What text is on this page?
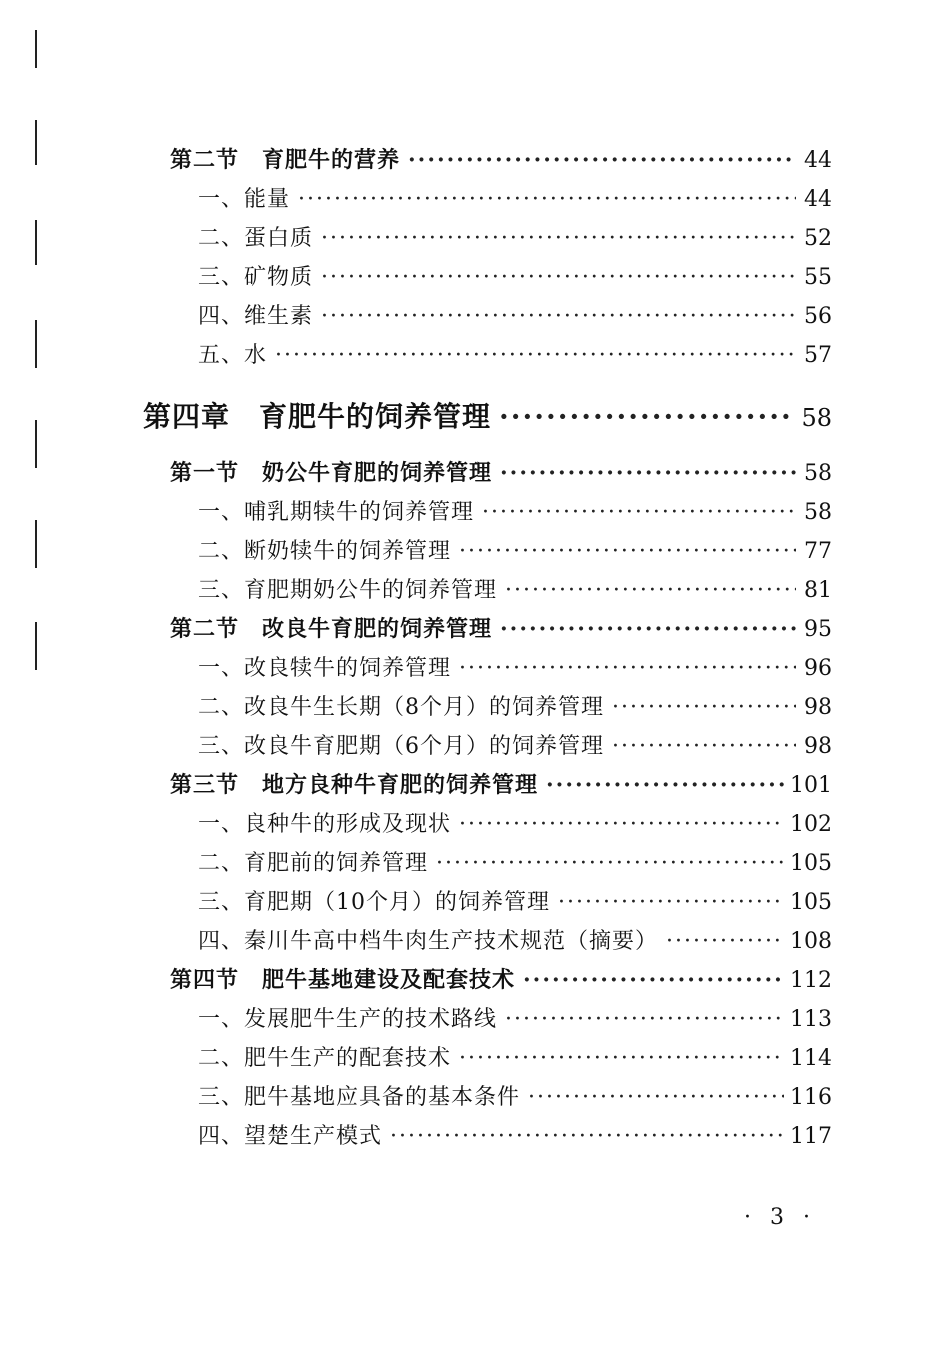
第二节　育肥牛的营养 ·····	44
一、能量 ·····	44
二、蛋白质 ·····	52
三、矿物质 ·····	55
四、维生素 ·····	56
五、水 ·····	57
第四章　育肥牛的饲养管理 ·····	58
第一节　奶公牛育肥的饲养管理 ·····	58
一、哺乳期犊牛的饲养管理 ·····	58
二、断奶犊牛的饲养管理 ·····	77
三、育肥期奶公牛的饲养管理 ·····	81
第二节　改良牛育肥的饲养管理 ·····	95
一、改良犊牛的饲养管理 ·····	96
二、改良牛生长期（8个月）的饲养管理 ·····	98
三、改良牛育肥期（6个月）的饲养管理 ·····	98
第三节　地方良种牛育肥的饲养管理 ·····	101
一、良种牛的形成及现状 ·····	102
二、育肥前的饲养管理 ·····	105
三、育肥期（10个月）的饲养管理 ·····	105
四、秦川牛高中档牛肉生产技术规范（摘要） ·····	108
第四节　肥牛基地建设及配套技术 ·····	112
一、发展肥牛生产的技术路线 ·····	113
二、肥牛生产的配套技术 ·····	114
三、肥牛基地应具备的基本条件 ·····	116
四、望楚生产模式 ·····	117
· 3 ·
